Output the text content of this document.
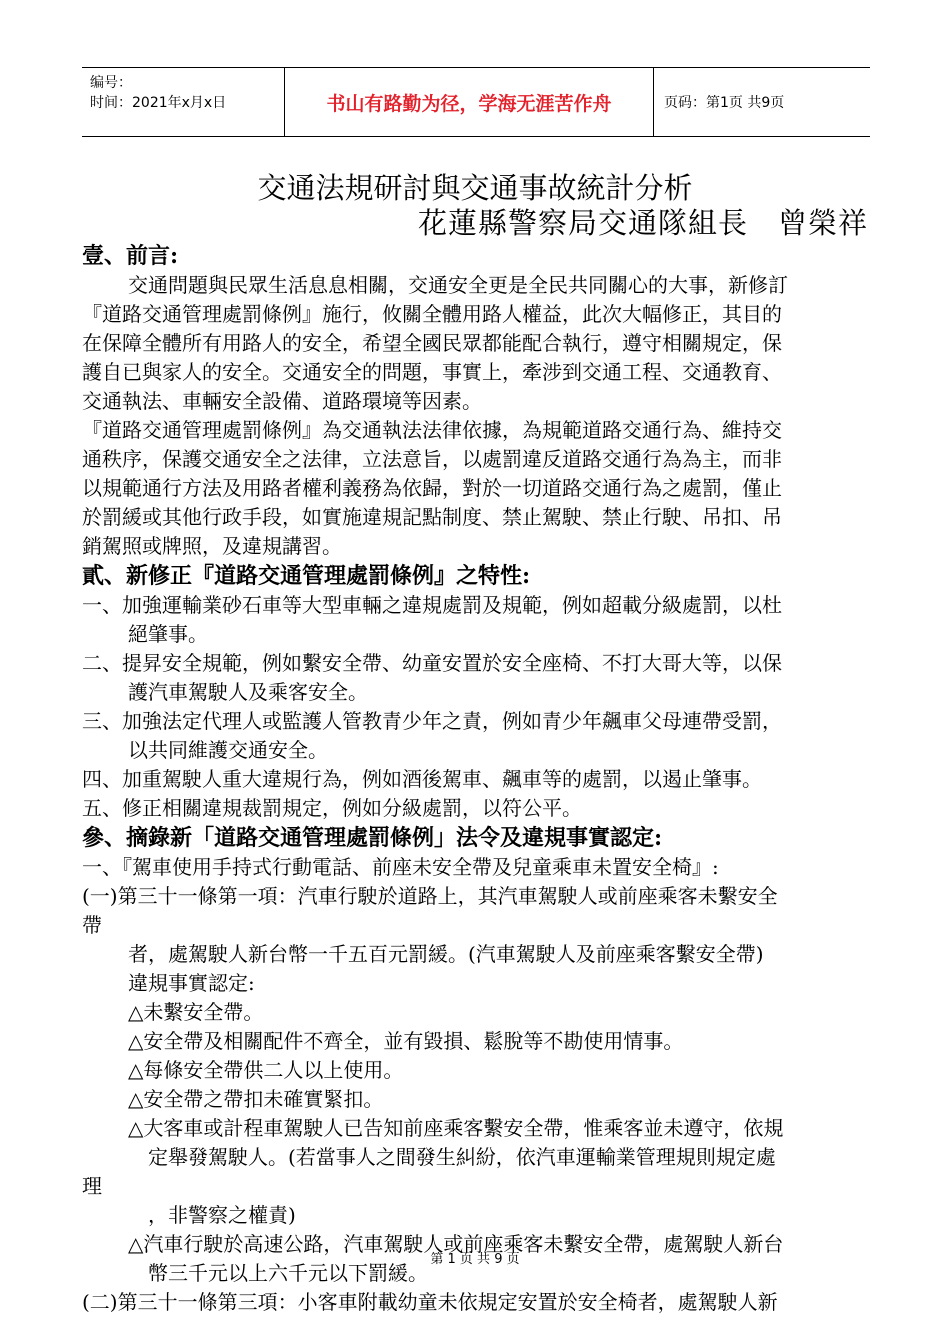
编号：
时间：2021年x月x日	书山有路勤为径，学海无涯苦作舟	页码：第1页 共9页
交通法規研討與交通事故統計分析
花蓮縣警察局交通隊組長　曾榮祥

壹、前言:

交通問題與民眾生活息息相關，交通安全更是全民共同關心的大事，新修訂

『道路交通管理處罰條例』施行，攸關全體用路人權益，此次大幅修正，其目的

在保障全體所有用路人的安全，希望全國民眾都能配合執行，遵守相關規定，保

護自已與家人的安全。交通安全的問題，事實上，牽涉到交通工程、交通教育、

交通執法、車輛安全設備、道路環境等因素。

『道路交通管理處罰條例』為交通執法法律依據，為規範道路交通行為、維持交

通秩序，保護交通安全之法律，立法意旨，以處罰違反道路交通行為為主，而非

以規範通行方法及用路者權利義務為依歸，對於一切道路交通行為之處罰，僅止

於罰緩或其他行政手段，如實施違規記點制度、禁止駕駛、禁止行駛、吊扣、吊

銷駕照或牌照，及違規講習。

貳、新修正『道路交通管理處罰條例』之特性:

一、加強運輸業砂石車等大型車輛之違規處罰及規範，例如超載分級處罰，以杜

絕肇事。

二、提昇安全規範，例如繫安全帶、幼童安置於安全座椅、不打大哥大等，以保

護汽車駕駛人及乘客安全。

三、加強法定代理人或監護人管教青少年之責，例如青少年飆車父母連帶受罰，

以共同維護交通安全。

四、加重駕駛人重大違規行為，例如酒後駕車、飆車等的處罰，以遏止肇事。

五、修正相關違規裁罰規定，例如分級處罰，以符公平。

參、摘錄新「道路交通管理處罰條例」法令及違規事實認定:

一、『駕車使用手持式行動電話、前座未安全帶及兒童乘車未置安全椅』:

(一)第三十一條第一項：汽車行駛於道路上，其汽車駕駛人或前座乘客未繫安全

帶

者，處駕駛人新台幣一千五百元罰緩。(汽車駕駛人及前座乘客繫安全帶)

違規事實認定:

△未繫安全帶。

△安全帶及相關配件不齊全，並有毀損、鬆脫等不勘使用情事。

△每條安全帶供二人以上使用。

△安全帶之帶扣未確實緊扣。

△大客車或計程車駕駛人已告知前座乘客繫安全帶，惟乘客並未遵守，依規

定舉發駕駛人。(若當事人之間發生糾紛，依汽車運輸業管理規則規定處

理

，非警察之權責)

△汽車行駛於高速公路，汽車駕駛人或前座乘客未繫安全帶，處駕駛人新台

幣三千元以上六千元以下罰緩。

(二)第三十一條第三項：小客車附載幼童未依規定安置於安全椅者，處駕駛人新

第 1 页 共 9 页
